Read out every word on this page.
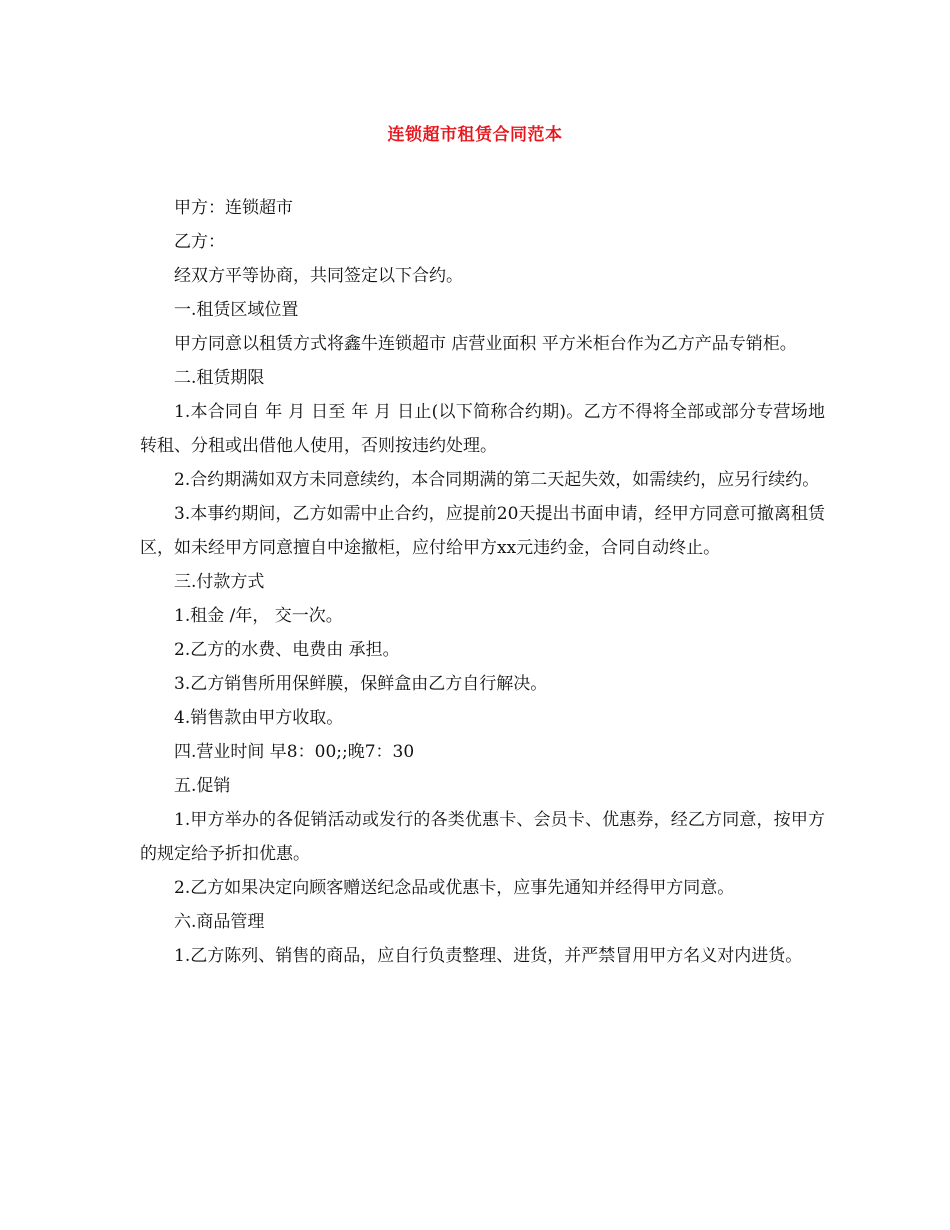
连锁超市租赁合同范本

甲方：连锁超市

乙方：

经双方平等协商，共同签定以下合约。

一.租赁区域位置

甲方同意以租赁方式将鑫牛连锁超市 店营业面积 平方米柜台作为乙方产品专销柜。

二.租赁期限

1.本合同自 年 月 日至 年 月 日止(以下简称合约期)。乙方不得将全部或部分专营场地转租、分租或出借他人使用，否则按违约处理。

2.合约期满如双方未同意续约，本合同期满的第二天起失效，如需续约，应另行续约。

3.本事约期间，乙方如需中止合约，应提前20天提出书面申请，经甲方同意可撤离租赁区，如未经甲方同意擅自中途撤柜，应付给甲方xx元违约金，合同自动终止。

三.付款方式

1.租金 /年， 交一次。

2.乙方的水费、电费由 承担。

3.乙方销售所用保鲜膜，保鲜盒由乙方自行解决。

4.销售款由甲方收取。

四.营业时间 早8：00;;晚7：30

五.促销

1.甲方举办的各促销活动或发行的各类优惠卡、会员卡、优惠券，经乙方同意，按甲方的规定给予折扣优惠。

2.乙方如果决定向顾客赠送纪念品或优惠卡，应事先通知并经得甲方同意。

六.商品管理

1.乙方陈列、销售的商品，应自行负责整理、进货，并严禁冒用甲方名义对内进货。
